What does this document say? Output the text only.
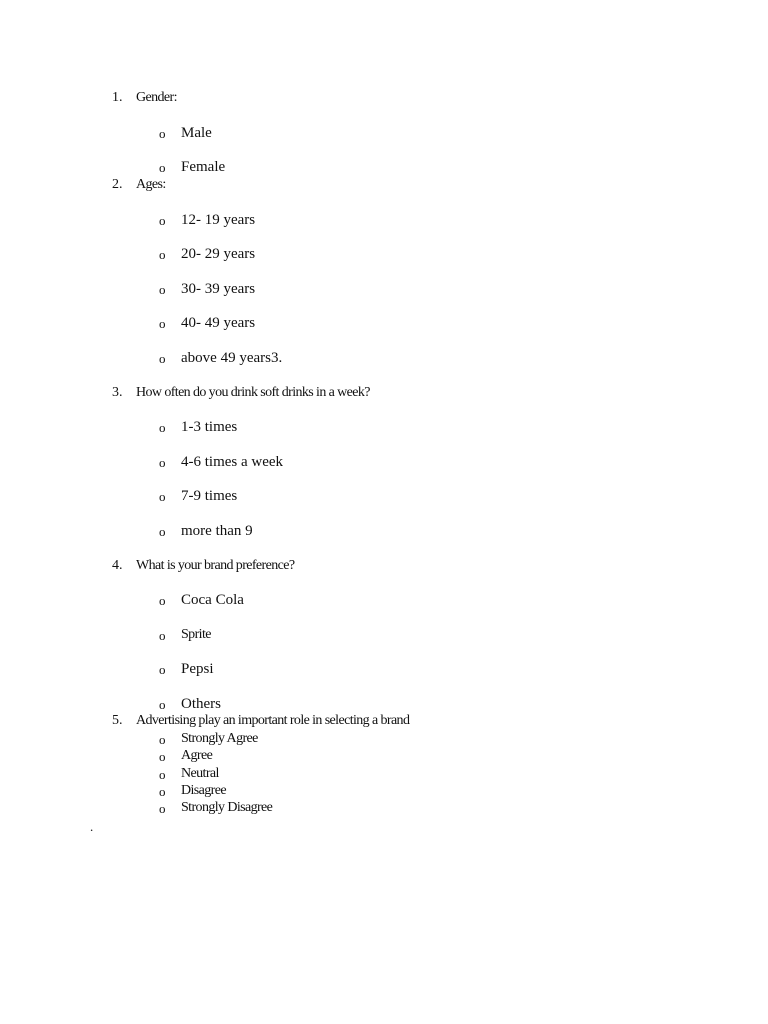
1. Gender:
o Male
o Female
2. Ages:
o 12- 19 years
o 20- 29 years
o 30- 39 years
o 40- 49 years
o above 49 years3.
3. How often do you drink soft drinks in a week?
o 1-3 times
o 4-6 times a week
o 7-9 times
o more than 9
4. What is your brand preference?
o Coca Cola
o Sprite
o Pepsi
o Others
5. Advertising play an important role in selecting a brand
o Strongly Agree
o Agree
o Neutral
o Disagree
o Strongly Disagree
.
